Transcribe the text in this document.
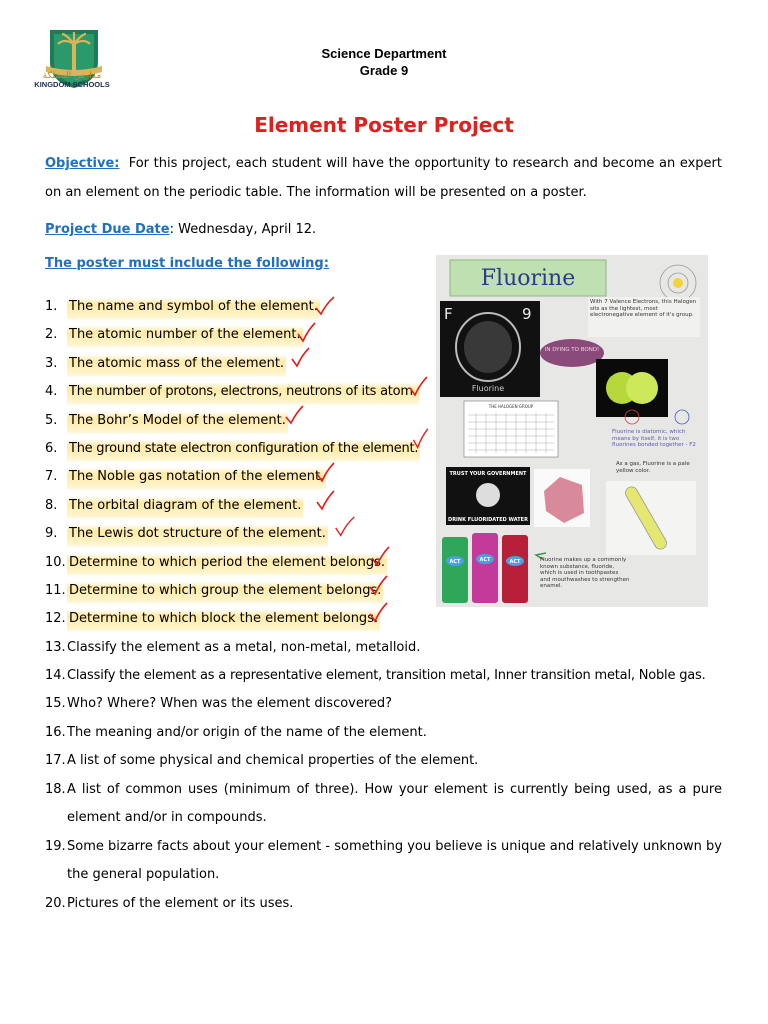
مدارس المملكة
KINGDOM SCHOOLS
Science Department
Grade 9
Element Poster Project
Objective: For this project, each student will have the opportunity to research and become an expert on an element on the periodic table. The information will be presented on a poster.
Project Due Date: Wednesday, April 12.
The poster must include the following:
1. The name and symbol of the element.
2. The atomic number of the element.
3. The atomic mass of the element.
4. The number of protons, electrons, neutrons of its atom.
5. The Bohr’s Model of the element.
6. The ground state electron configuration of the element.
7. The Noble gas notation of the element.
8. The orbital diagram of the element.
9. The Lewis dot structure of the element.
10. Determine to which period the element belongs.
11. Determine to which group the element belongs.
12. Determine to which block the element belongs.
13. Classify the element as a metal, non-metal, metalloid.
14. Classify the element as a representative element, transition metal, Inner transition metal, Noble gas.
15. Who? Where? When was the element discovered?
16. The meaning and/or origin of the name of the element.
17. A list of some physical and chemical properties of the element.
18. A list of common uses (minimum of three). How your element is currently being used, as a pure element and/or in compounds.
19. Some bizarre facts about your element - something you believe is unique and relatively unknown by the general population.
20. Pictures of the element or its uses.
Fluorine
F	9
Fluorine
With 7 Valence Electrons, this Halogen sits as the lightest, most electronegative element of it's group.
IN DYING TO BOND!
THE HALOGEN GROUP
Fluorine is diatomic, which means by itself, it is two fluorines bonded together - F2
TRUST YOUR GOVERNMENT
DRINK FLUORIDATED WATER
As a gas, Fluorine is a pale yellow color.
ACT	ACT	ACT	Fluorine makes up a commonly known substance, fluoride, which is used in toothpastes and mouthwashes to strengthen enamel.
